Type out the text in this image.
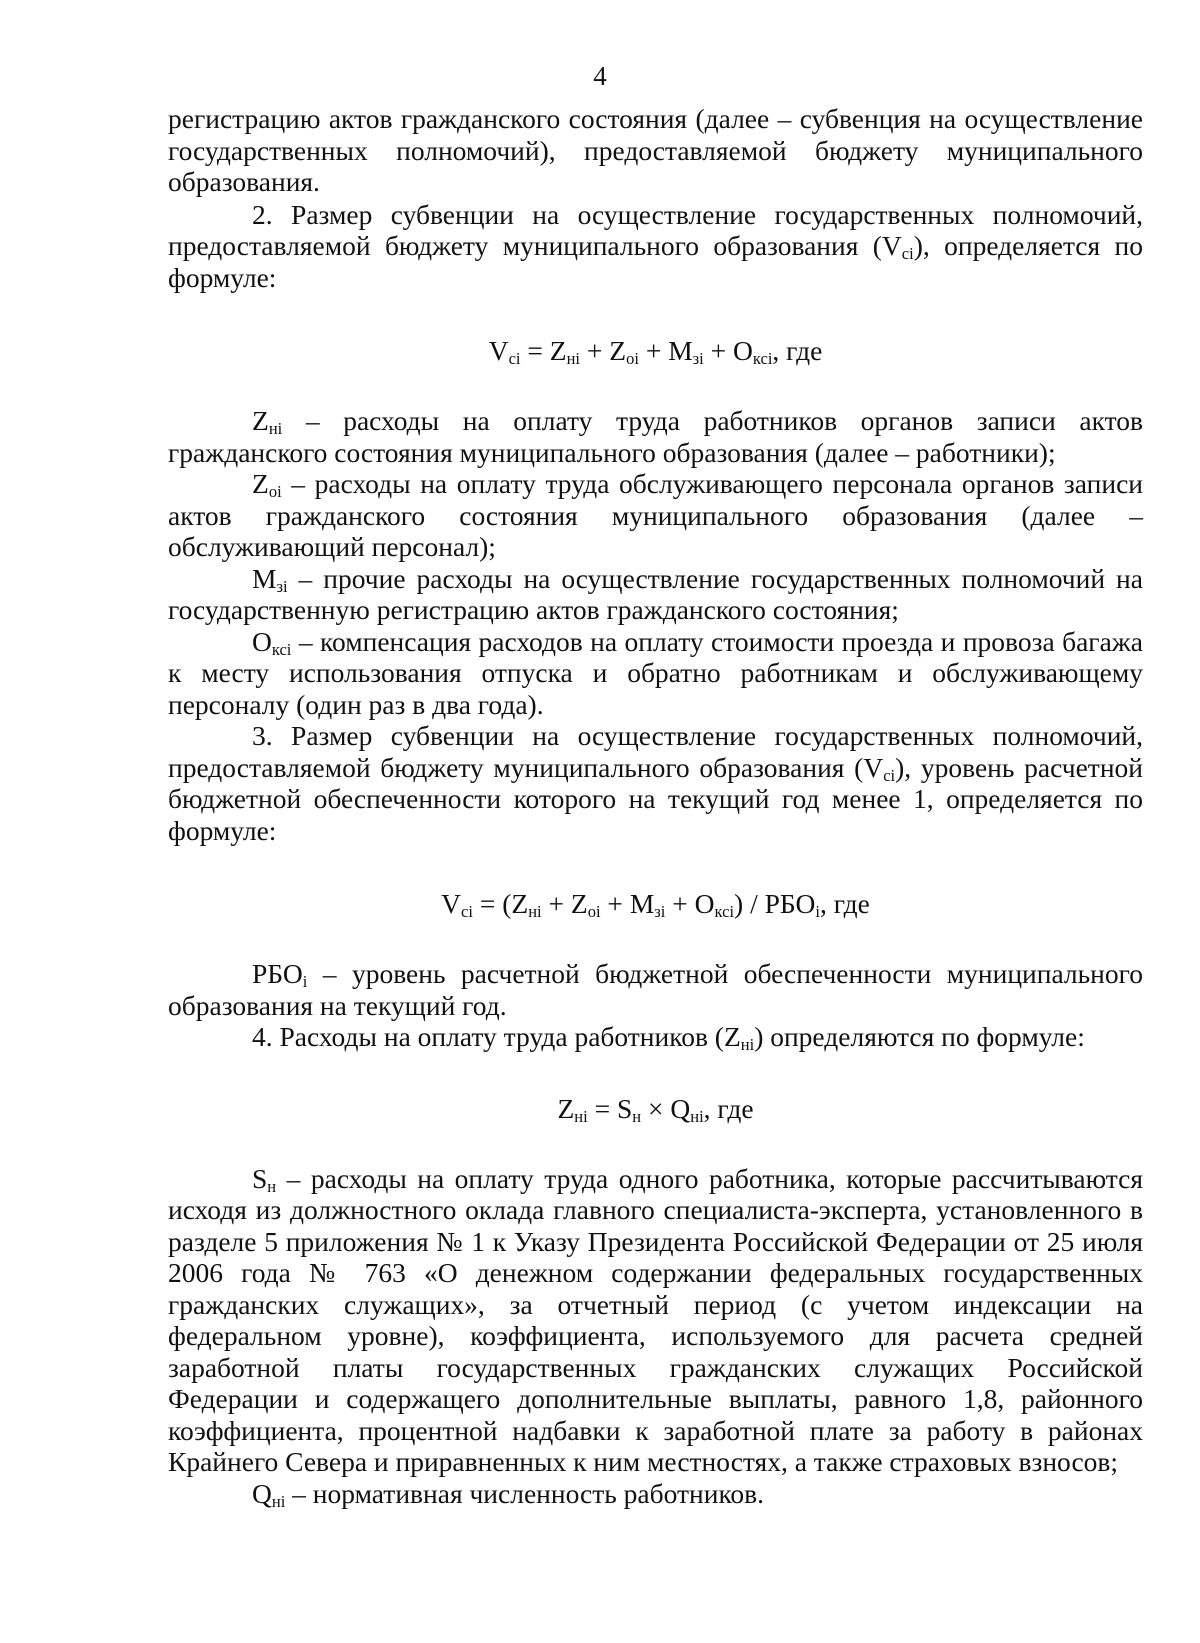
4

регистрацию актов гражданского состояния (далее – субвенция на осуществление государственных полномочий), предоставляемой бюджету муниципального образования.

2. Размер субвенции на осуществление государственных полномочий, предоставляемой бюджету муниципального образования $(V_{ci})$, определяется по формуле:

$V_{ci} = Z_{нi} + Z_{оi} + M_{зi} + O_{ксi}$, где

$Z_{нi}$ – расходы на оплату труда работников органов записи актов гражданского состояния муниципального образования (далее – работники);

$Z_{оi}$ – расходы на оплату труда обслуживающего персонала органов записи актов гражданского состояния муниципального образования (далее – обслуживающий персонал);

$M_{зi}$ – прочие расходы на осуществление государственных полномочий на государственную регистрацию актов гражданского состояния;

$O_{ксi}$ – компенсация расходов на оплату стоимости проезда и провоза багажа к месту использования отпуска и обратно работникам и обслуживающему персоналу (один раз в два года).

3. Размер субвенции на осуществление государственных полномочий, предоставляемой бюджету муниципального образования $(V_{ci})$, уровень расчетной бюджетной обеспеченности которого на текущий год менее 1, определяется по формуле:

$V_{ci} = (Z_{нi} + Z_{оi} + M_{зi} + O_{ксi}) / РБО_i$, где

$РБО_i$ – уровень расчетной бюджетной обеспеченности муниципального образования на текущий год.

4. Расходы на оплату труда работников $(Z_{нi})$ определяются по формуле:

$Z_{нi} = S_н \times Q_{нi}$, где

$S_н$ – расходы на оплату труда одного работника, которые рассчитываются исходя из должностного оклада главного специалиста-эксперта, установленного в разделе 5 приложения № 1 к Указу Президента Российской Федерации от 25 июля 2006 года № 763 «О денежном содержании федеральных государственных гражданских служащих», за отчетный период (с учетом индексации на федеральном уровне), коэффициента, используемого для расчета средней заработной платы государственных гражданских служащих Российской Федерации и содержащего дополнительные выплаты, равного 1,8, районного коэффициента, процентной надбавки к заработной плате за работу в районах Крайнего Севера и приравненных к ним местностях, а также страховых взносов;

$Q_{нi}$ – нормативная численность работников.
